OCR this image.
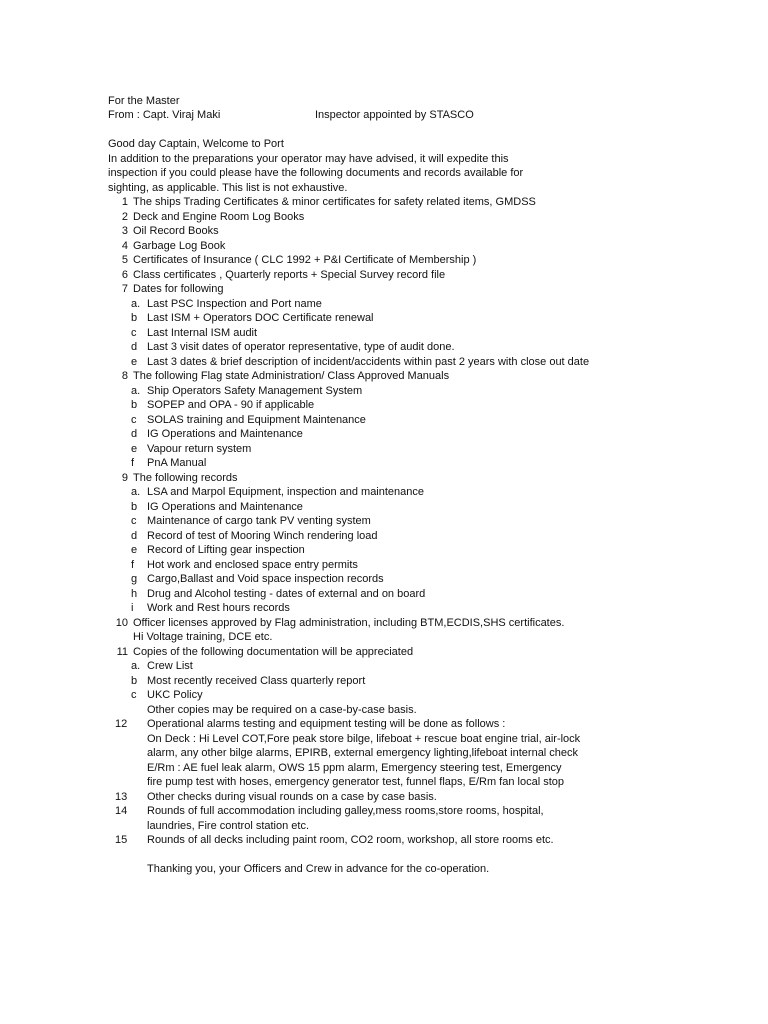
For the Master
From : Capt. Viraj Maki	Inspector appointed by STASCO
Good day Captain, Welcome to Port
In addition to the preparations your operator may have advised, it will expedite this
inspection if you could please have the following documents and records available for
sighting, as applicable. This list is not exhaustive.
1 The ships Trading Certificates & minor certificates for safety related items, GMDSS
2 Deck and Engine Room Log Books
3 Oil Record Books
4 Garbage Log Book
5 Certificates of Insurance ( CLC 1992 + P&I Certificate of Membership )
6 Class certificates , Quarterly reports + Special Survey record file
7 Dates for following
a. Last PSC Inspection and Port name
b Last ISM + Operators DOC Certificate renewal
c Last Internal ISM audit
d Last 3 visit dates of operator representative, type of audit done.
e Last 3 dates & brief description of incident/accidents within past 2 years with close out date
8 The following Flag state Administration/ Class Approved Manuals
a. Ship Operators Safety Management System
b SOPEP and OPA - 90 if applicable
c SOLAS training and Equipment Maintenance
d IG Operations and Maintenance
e Vapour return system
f PnA Manual
9 The following records
a. LSA and Marpol Equipment, inspection and maintenance
b IG Operations and Maintenance
c Maintenance of cargo tank PV venting system
d Record of test of Mooring Winch rendering load
e Record of Lifting gear inspection
f Hot work and enclosed space entry permits
g Cargo,Ballast and Void space inspection records
h Drug and Alcohol testing - dates of external and on board
i Work and Rest hours records
10 Officer licenses approved by Flag administration, including BTM,ECDIS,SHS certificates.
Hi Voltage training, DCE etc.
11 Copies of the following documentation will be appreciated
a. Crew List
b Most recently received Class quarterly report
c UKC Policy
Other copies may be required on a case-by-case basis.
12 Operational alarms testing and equipment testing will be done as follows :
On Deck : Hi Level COT,Fore peak store bilge, lifeboat + rescue boat engine trial, air-lock
alarm, any other bilge alarms, EPIRB, external emergency lighting,lifeboat internal check
E/Rm : AE fuel leak alarm, OWS 15 ppm alarm, Emergency steering test, Emergency
fire pump test with hoses, emergency generator test, funnel flaps, E/Rm fan local stop
13 Other checks during visual rounds on a case by case basis.
14 Rounds of full accommodation including galley,mess rooms,store rooms, hospital,
laundries, Fire control station etc.
15 Rounds of all decks including paint room, CO2 room, workshop, all store rooms etc.
Thanking you, your Officers and Crew in advance for the co-operation.
